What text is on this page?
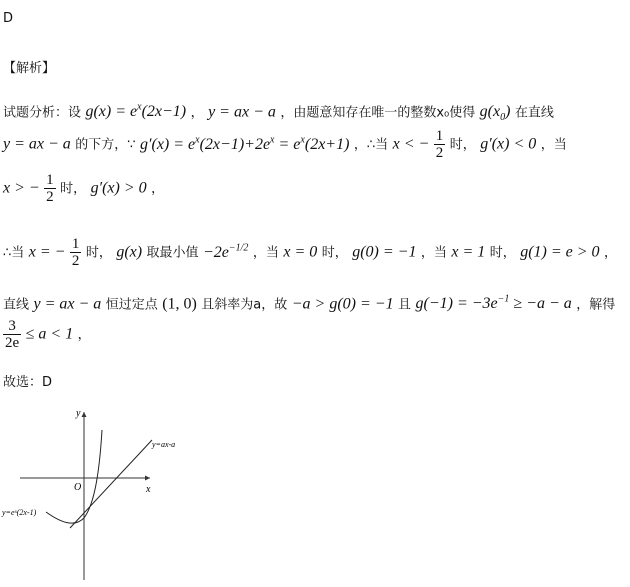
D
【解析】
试题分析：设 $g(x) = e^x(2x-1)$ ， y = ax − a ，由题意知存在唯一的整数x₀使得 $g(x_0)$ 在直线
y = ax − a 的下方，∵ $g'(x) = e^x(2x-1)+2e^x = e^x(2x+1)$ ，∴当 x < − $\frac{1}{2}$ 时， g′(x) < 0 ，当
x > − $\frac{1}{2}$ 时， g′(x) > 0 ，
∴当 x = − $\frac{1}{2}$ 时， g(x) 取最小值 $-2e^{-1/2}$ ，当 x = 0 时， g(0) = −1 ，当 x = 1 时， g(1) = e > 0 ，
直线 y = ax − a 恒过定点 (1, 0) 且斜率为a，故 −a > g(0) = −1 且 $g(-1) = -3e^{-1} \ge -a - a$ ，解得
$\frac{3}{2e} \le a < 1$ ，
故选：D
y
x
O
y=ax-a
y=eˣ(2x-1)
